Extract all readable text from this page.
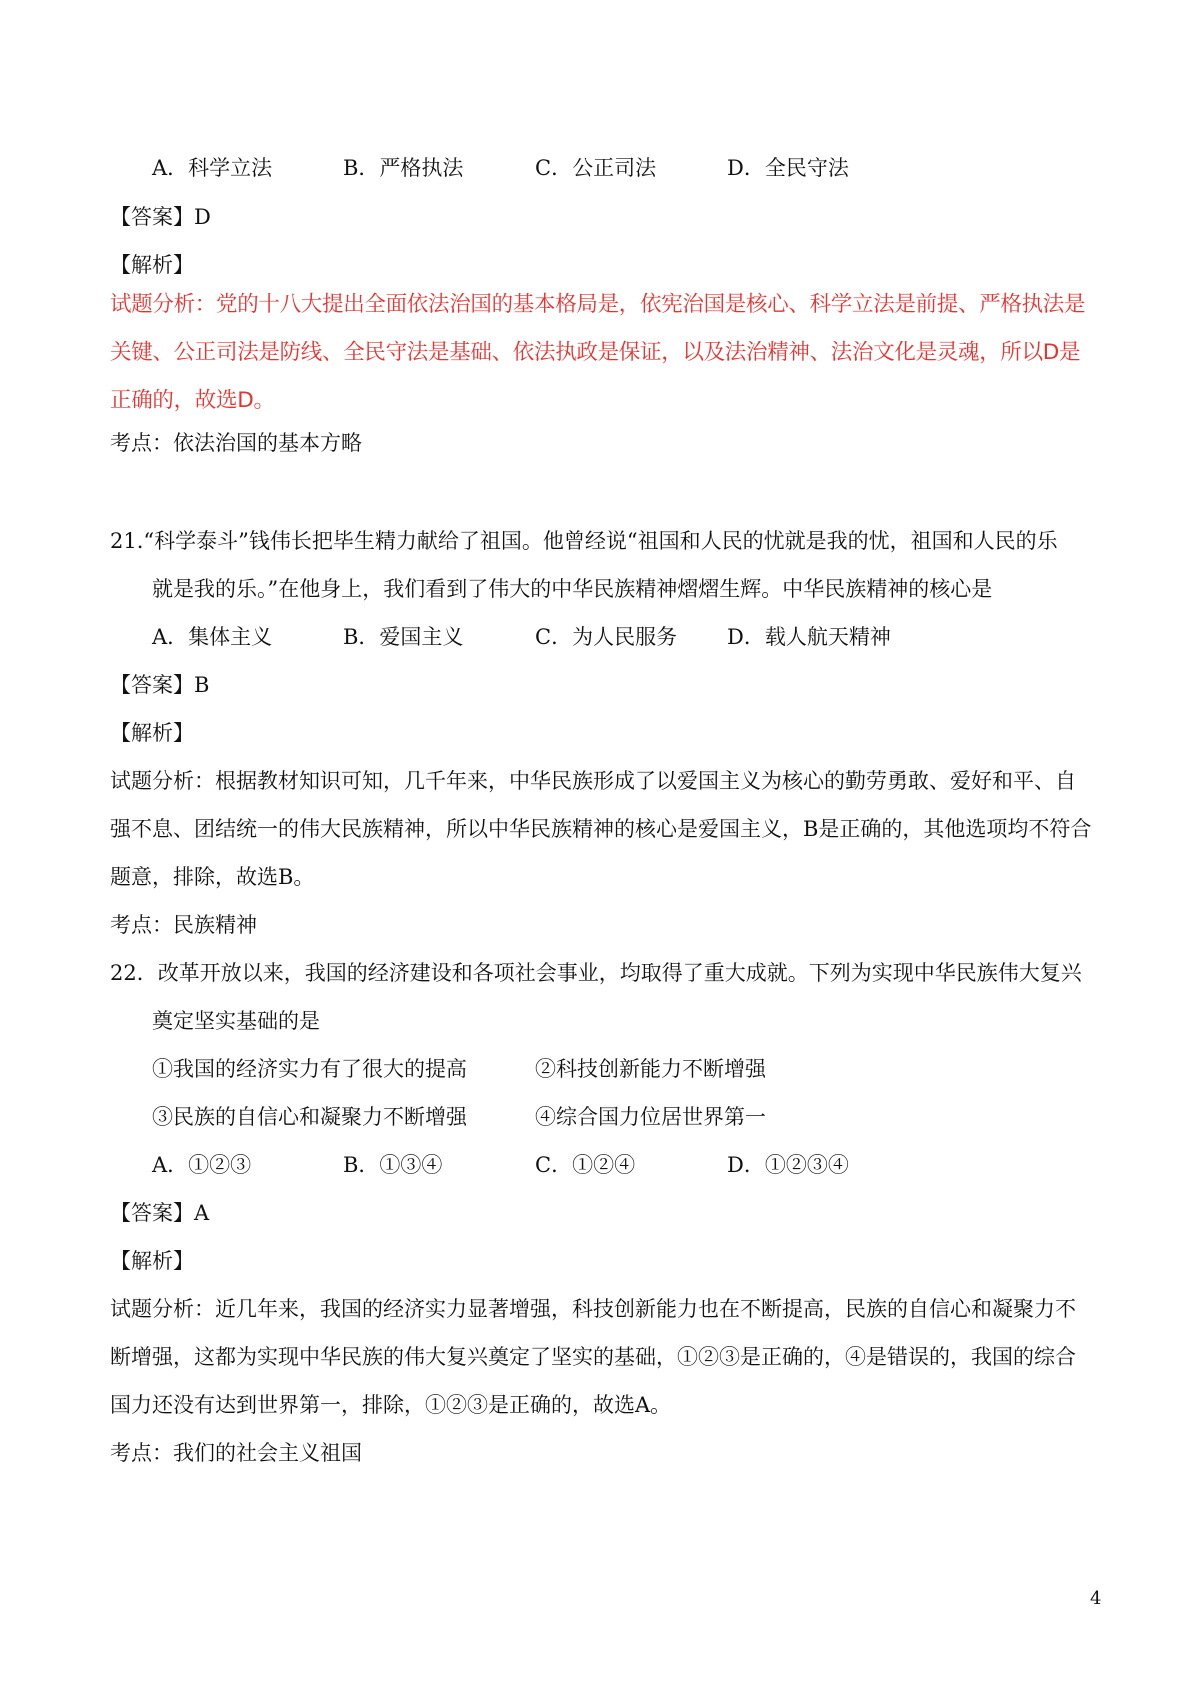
A．科学立法	B．严格执法	C．公正司法	D．全民守法
【答案】D
【解析】
试题分析：党的十八大提出全面依法治国的基本格局是，依宪治国是核心、科学立法是前提、严格执法是
关键、公正司法是防线、全民守法是基础、依法执政是保证，以及法治精神、法治文化是灵魂，所以D是
正确的，故选D。
考点：依法治国的基本方略
21.“科学泰斗”钱伟长把毕生精力献给了祖国。他曾经说“祖国和人民的忧就是我的忧，祖国和人民的乐
就是我的乐。”在他身上，我们看到了伟大的中华民族精神熠熠生辉。中华民族精神的核心是
A．集体主义	B．爱国主义	C．为人民服务 D．载人航天精神
【答案】B
【解析】
试题分析：根据教材知识可知，几千年来，中华民族形成了以爱国主义为核心的勤劳勇敢、爱好和平、自
强不息、团结统一的伟大民族精神，所以中华民族精神的核心是爱国主义，B是正确的，其他选项均不符合
题意，排除，故选B。
考点：民族精神
22．改革开放以来，我国的经济建设和各项社会事业，均取得了重大成就。下列为实现中华民族伟大复兴
奠定坚实基础的是
①我国的经济实力有了很大的提高	②科技创新能力不断增强
③民族的自信心和凝聚力不断增强	④综合国力位居世界第一
A．①②③	B．①③④	C．①②④	D．①②③④
【答案】A
【解析】
试题分析：近几年来，我国的经济实力显著增强，科技创新能力也在不断提高，民族的自信心和凝聚力不
断增强，这都为实现中华民族的伟大复兴奠定了坚实的基础，①②③是正确的，④是错误的，我国的综合
国力还没有达到世界第一，排除，①②③是正确的，故选A。
考点：我们的社会主义祖国
4
